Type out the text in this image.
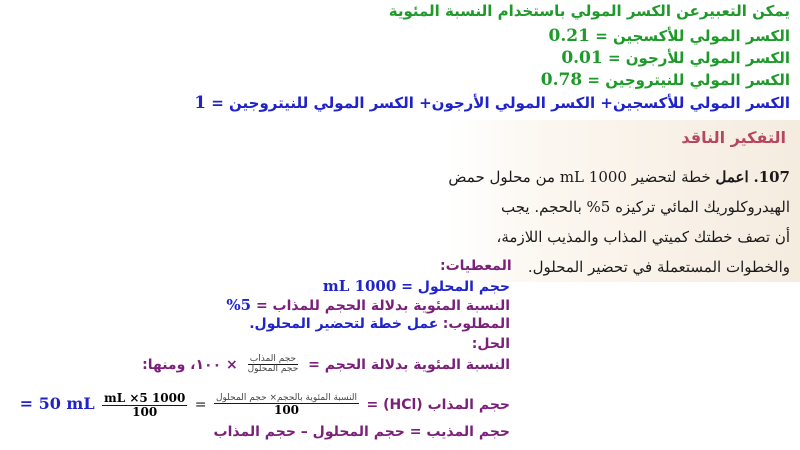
يمكن التعبيرعن الكسر المولي باستخدام النسبة المئوية
الكسر المولي للأكسجين = 0.21
الكسر المولي للأرجون = 0.01
الكسر المولي للنيتروجين = 0.78
الكسر المولي للأكسجين+ الكسر المولي الأرجون+ الكسر المولي للنيتروجين = 1
التفكير الناقد
107. اعمل خطة لتحضير 1000 mL من محلول حمض
الهيدروكلوريك المائي تركيزه 5% بالحجم. يجب
أن تصف خطتك كميتي المذاب والمذيب اللازمة،
والخطوات المستعملة في تحضير المحلول.
المعطيات:
حجم المحلول = 1000 mL
النسبة المئوية بدلالة الحجم للمذاب = 5%
المطلوب: عمل خطة لتحضير المحلول.
الحل:
النسبة المئوية بدلالة الحجم =
$\frac{\text{حجم المذاب}}{\text{حجم المحلول}}$
× ١٠٠، ومنها:
حجم المذاب (HCl) =
$\frac{\text{النسبة المئوية بالحجم× حجم المحلول}}{100}$
=
$\frac{1000 mL \times 5}{100}$
50 mL =
حجم المذيب = حجم المحلول – حجم المذاب
